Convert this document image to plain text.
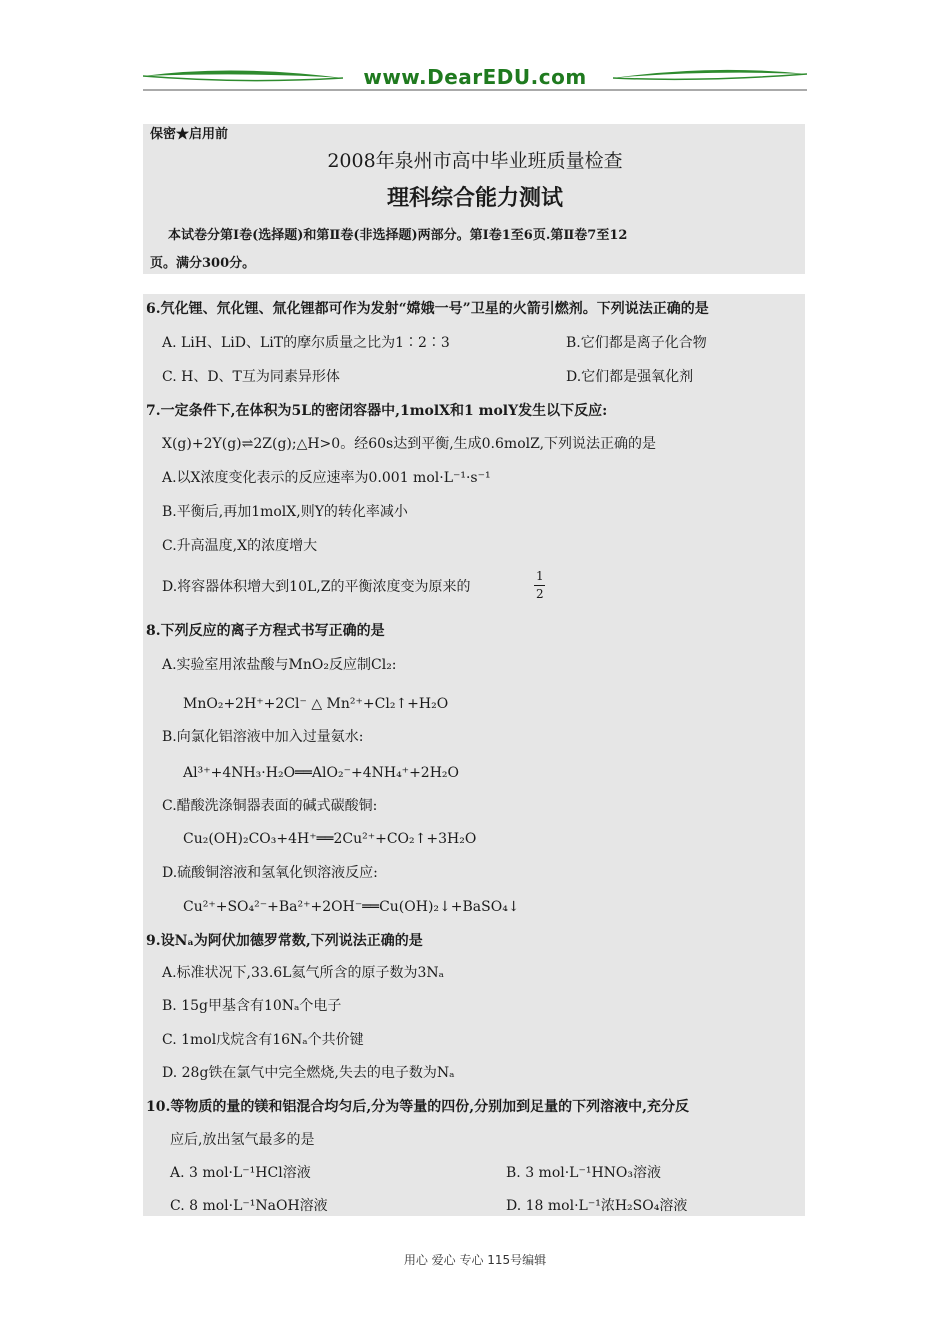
www.DearEDU.com
保密★启用前
2008年泉州市高中毕业班质量检查
理科综合能力测试
本试卷分第Ⅰ卷(选择题)和第Ⅱ卷(非选择题)两部分。第Ⅰ卷1至6页.第Ⅱ卷7至12
页。满分300分。
6.氕化锂、氘化锂、氚化锂都可作为发射“嫦娥一号”卫星的火箭引燃剂。下列说法正确的是
A. LiH、LiD、LiT的摩尔质量之比为1∶2∶3	B.它们都是离子化合物
C. H、D、T互为同素异形体	D.它们都是强氧化剂
7.一定条件下,在体积为5L的密闭容器中,1molX和1 molY发生以下反应:
X(g)+2Y(g)⇌2Z(g);△H>0。经60s达到平衡,生成0.6molZ,下列说法正确的是
A.以X浓度变化表示的反应速率为0.001 mol·L⁻¹·s⁻¹
B.平衡后,再加1molX,则Y的转化率减小
C.升高温度,X的浓度增大
D.将容器体积增大到10L,Z的平衡浓度变为原来的
1
2
8.下列反应的离子方程式书写正确的是
A.实验室用浓盐酸与MnO₂反应制Cl₂:
MnO₂+2H⁺+2Cl⁻ △ Mn²⁺+Cl₂↑+H₂O
B.向氯化铝溶液中加入过量氨水:
Al³⁺+4NH₃·H₂O══AlO₂⁻+4NH₄⁺+2H₂O
C.醋酸洗涤铜器表面的碱式碳酸铜:
Cu₂(OH)₂CO₃+4H⁺══2Cu²⁺+CO₂↑+3H₂O
D.硫酸铜溶液和氢氧化钡溶液反应:
Cu²⁺+SO₄²⁻+Ba²⁺+2OH⁻══Cu(OH)₂↓+BaSO₄↓
9.设Nₐ为阿伏加德罗常数,下列说法正确的是
A.标准状况下,33.6L氦气所含的原子数为3Nₐ
B. 15g甲基含有10Nₐ个电子
C. 1mol戊烷含有16Nₐ个共价键
D. 28g铁在氯气中完全燃烧,失去的电子数为Nₐ
10.等物质的量的镁和铝混合均匀后,分为等量的四份,分别加到足量的下列溶液中,充分反
应后,放出氢气最多的是
A. 3 mol·L⁻¹HCl溶液	B. 3 mol·L⁻¹HNO₃溶液
C. 8 mol·L⁻¹NaOH溶液	D. 18 mol·L⁻¹浓H₂SO₄溶液
用心 爱心 专心 115号编辑
